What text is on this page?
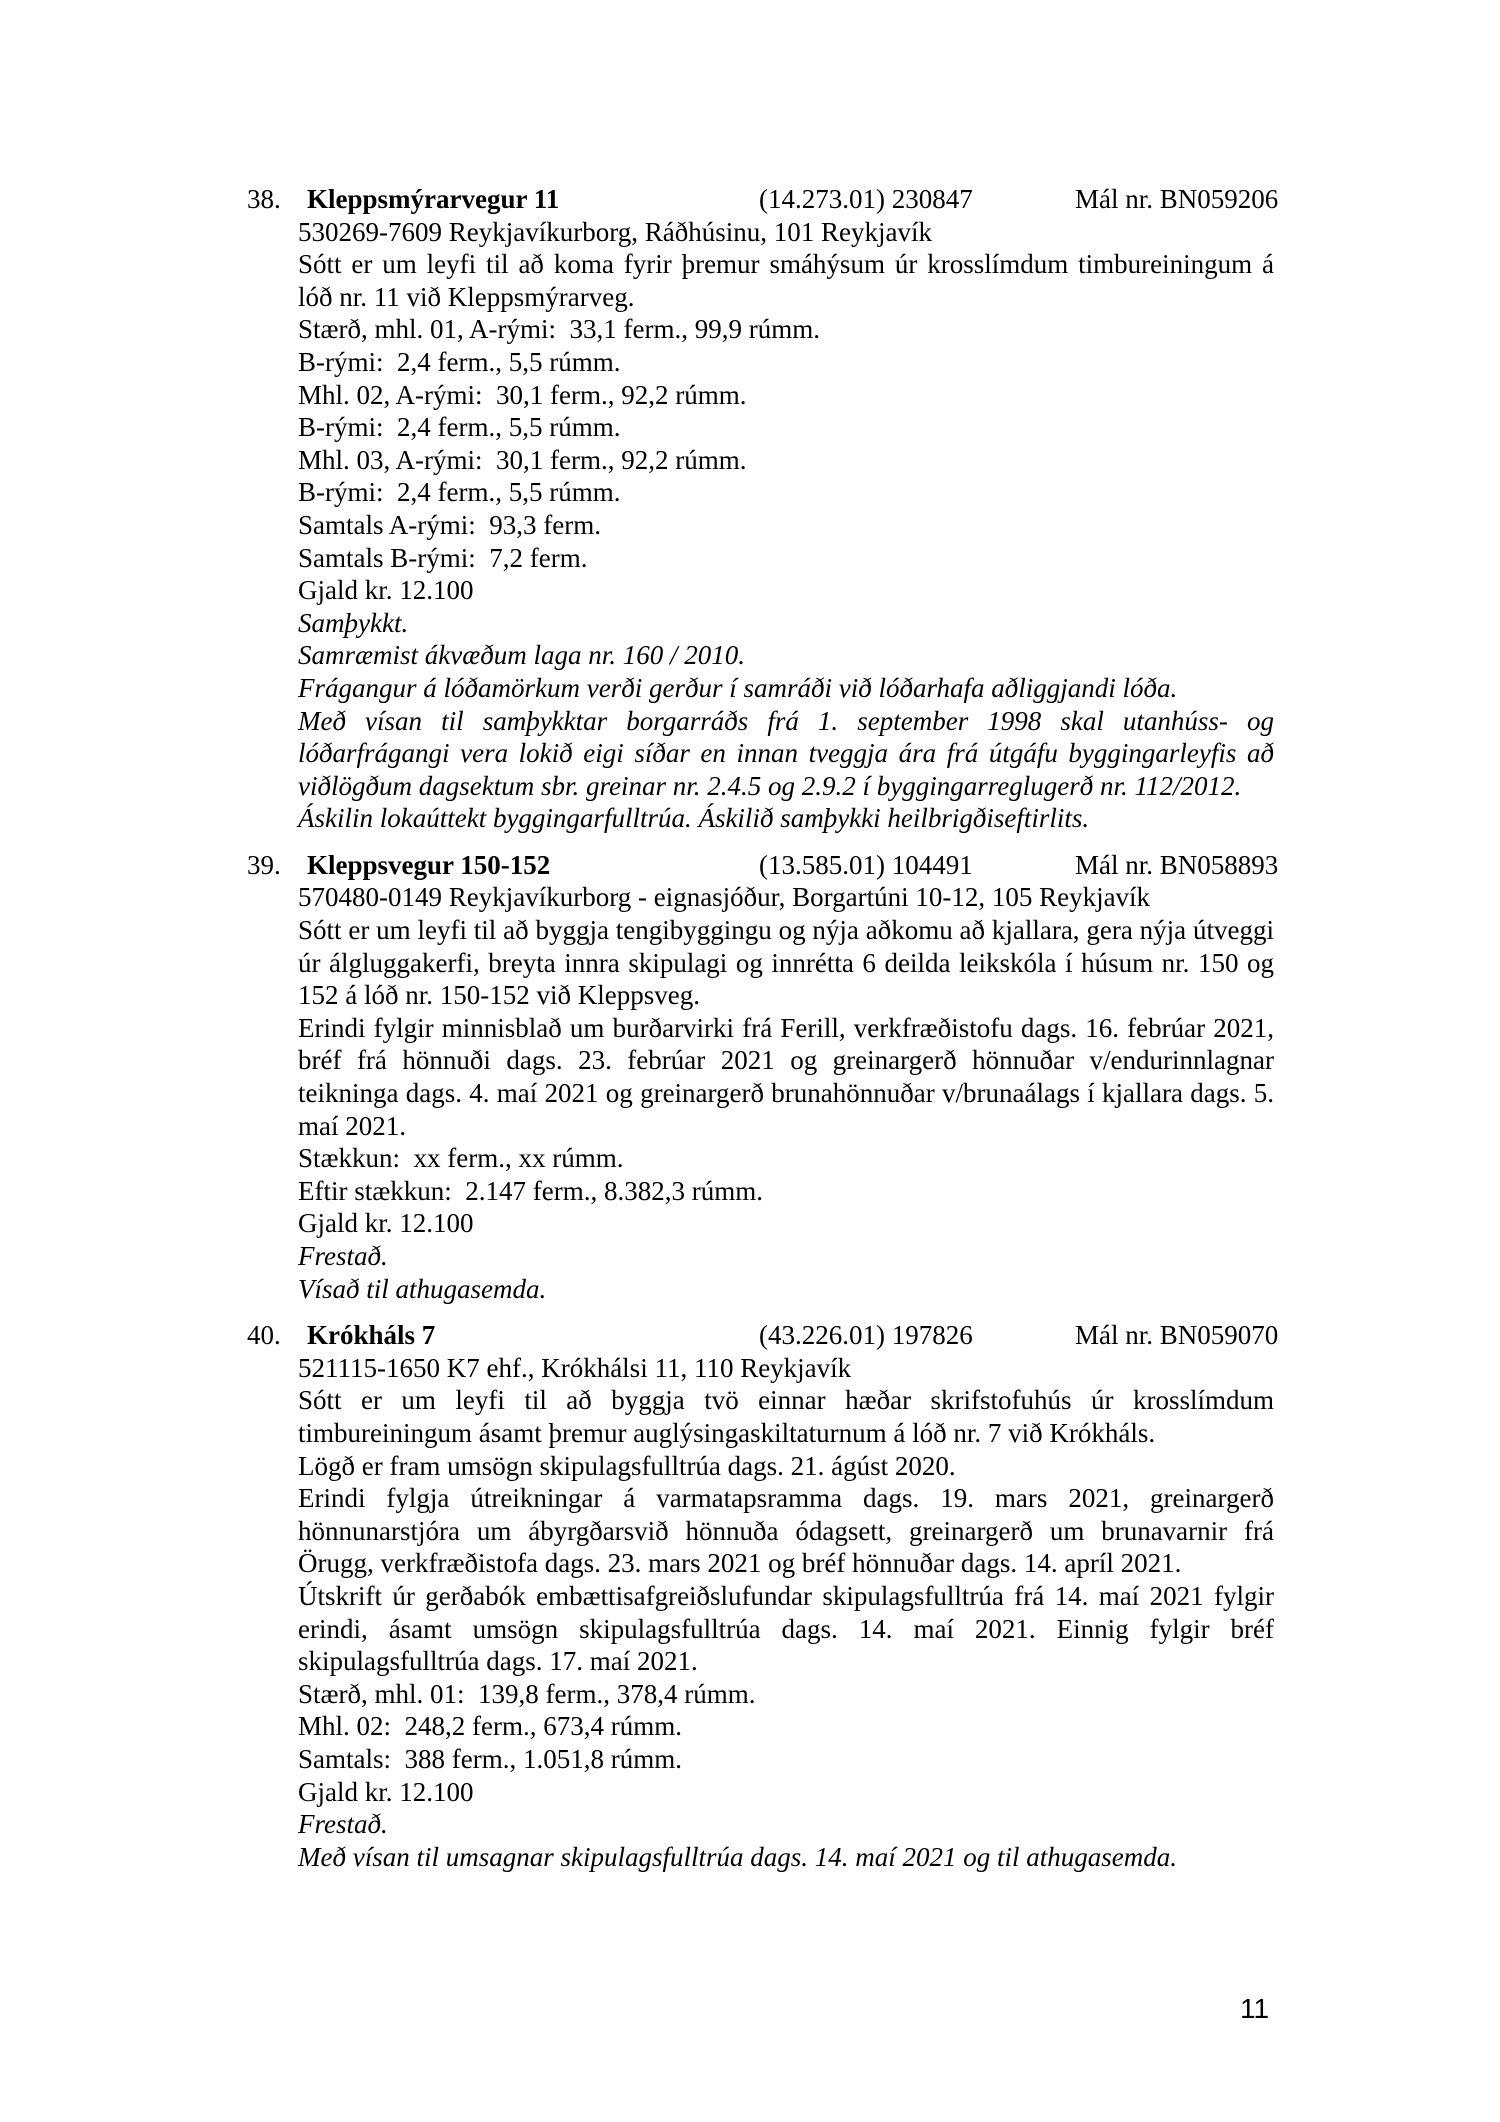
38. Kleppsmýrarvegur 11	(14.273.01) 230847	Mál nr. BN059206
530269-7609 Reykjavíkurborg, Ráðhúsinu, 101 Reykjavík
Sótt er um leyfi til að koma fyrir þremur smáhýsum úr krosslímdum timbureiningum á lóð nr. 11 við Kleppsmýrarveg.
Stærð, mhl. 01, A-rými:  33,1 ferm., 99,9 rúmm.
B-rými:  2,4 ferm., 5,5 rúmm.
Mhl. 02, A-rými:  30,1 ferm., 92,2 rúmm.
B-rými:  2,4 ferm., 5,5 rúmm.
Mhl. 03, A-rými:  30,1 ferm., 92,2 rúmm.
B-rými:  2,4 ferm., 5,5 rúmm.
Samtals A-rými:  93,3 ferm.
Samtals B-rými:  7,2 ferm.
Gjald kr. 12.100
Samþykkt.
Samræmist ákvæðum laga nr. 160 / 2010.
Frágangur á lóðamörkum verði gerður í samráði við lóðarhafa aðliggjandi lóða.
Með vísan til samþykktar borgarráðs frá 1. september 1998 skal utanhúss- og lóðarfrágangi vera lokið eigi síðar en innan tveggja ára frá útgáfu byggingarleyfis að viðlögðum dagsektum sbr. greinar nr. 2.4.5 og 2.9.2 í byggingarreglugerð nr. 112/2012.
Áskilin lokaúttekt byggingarfulltrúa. Áskilið samþykki heilbrigðiseftirlits.
39. Kleppsvegur 150-152	(13.585.01) 104491	Mál nr. BN058893
570480-0149 Reykjavíkurborg - eignasjóður, Borgartúni 10-12, 105 Reykjavík
Sótt er um leyfi til að byggja tengibyggingu og nýja aðkomu að kjallara, gera nýja útveggi úr álgluggakerfi, breyta innra skipulagi og innrétta 6 deilda leikskóla í húsum nr. 150 og 152 á lóð nr. 150-152 við Kleppsveg.
Erindi fylgir minnisblað um burðarvirki frá Ferill, verkfræðistofu dags. 16. febrúar 2021, bréf frá hönnuði dags. 23. febrúar 2021 og greinargerð hönnuðar v/endurinnlagnar teikninga dags. 4. maí 2021 og greinargerð brunahönnuðar v/brunaálags í kjallara dags. 5. maí 2021.
Stækkun:  xx ferm., xx rúmm.
Eftir stækkun:  2.147 ferm., 8.382,3 rúmm.
Gjald kr. 12.100
Frestað.
Vísað til athugasemda.
40. Krókháls 7	(43.226.01) 197826	Mál nr. BN059070
521115-1650 K7 ehf., Krókhálsi 11, 110 Reykjavík
Sótt er um leyfi til að byggja tvö einnar hæðar skrifstofuhús úr krosslímdum timbureiningum ásamt þremur auglýsingaskiltaturnum á lóð nr. 7 við Krókháls.
Lögð er fram umsögn skipulagsfulltrúa dags. 21. ágúst 2020.
Erindi fylgja útreikningar á varmatapsramma dags. 19. mars 2021, greinargerð hönnunarstjóra um ábyrgðarsvið hönnuða ódagsett, greinargerð um brunavarnir frá Örugg, verkfræðistofa dags. 23. mars 2021 og bréf hönnuðar dags. 14. apríl 2021.
Útskrift úr gerðabók embættisafgreiðslufundar skipulagsfulltrúa frá 14. maí 2021 fylgir erindi, ásamt umsögn skipulagsfulltrúa dags. 14. maí 2021. Einnig fylgir bréf skipulagsfulltrúa dags. 17. maí 2021.
Stærð, mhl. 01:  139,8 ferm., 378,4 rúmm.
Mhl. 02:  248,2 ferm., 673,4 rúmm.
Samtals:  388 ferm., 1.051,8 rúmm.
Gjald kr. 12.100
Frestað.
Með vísan til umsagnar skipulagsfulltrúa dags. 14. maí 2021 og til athugasemda.
11
